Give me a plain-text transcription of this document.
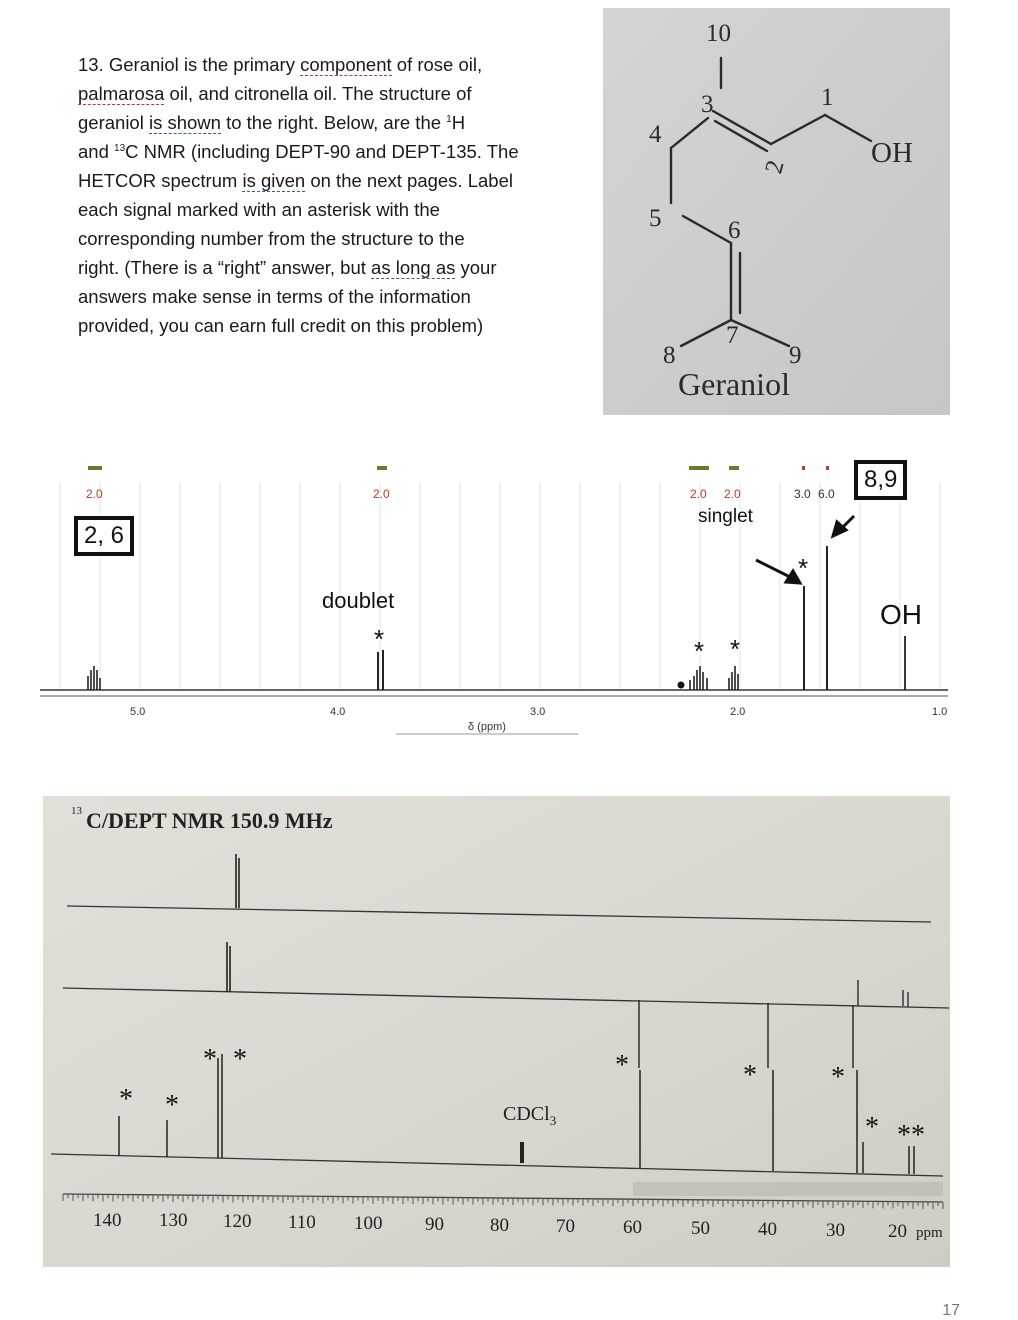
13. Geraniol is the primary component of rose oil,
palmarosa oil, and citronella oil. The structure of
geraniol is shown to the right. Below, are the $^1$H
and $^{13}$C NMR (including DEPT-90 and DEPT-135. The
HETCOR spectrum is given on the next pages. Label
each signal marked with an asterisk with the
corresponding number from the structure to the
right. (There is a “right” answer, but as long as your
answers make sense in terms of the information
provided, you can earn full credit on this problem)
10
3	1
4
2
5	6
7
8	9
OH
Geraniol
2.0	2.0	2.0 2.0	3.0 6.0
5.0	4.0	3.0	2.0	1.0
δ (ppm)
doublet
*
singlet
* *
*
OH
2, 6
8,9
13 C/DEPT NMR 150.9 MHz
CDCl$_3$
* *
* *	*	*	*
* **
140 130 120 110 100 90 80 70	60	50	40	30 20 ppm
17
